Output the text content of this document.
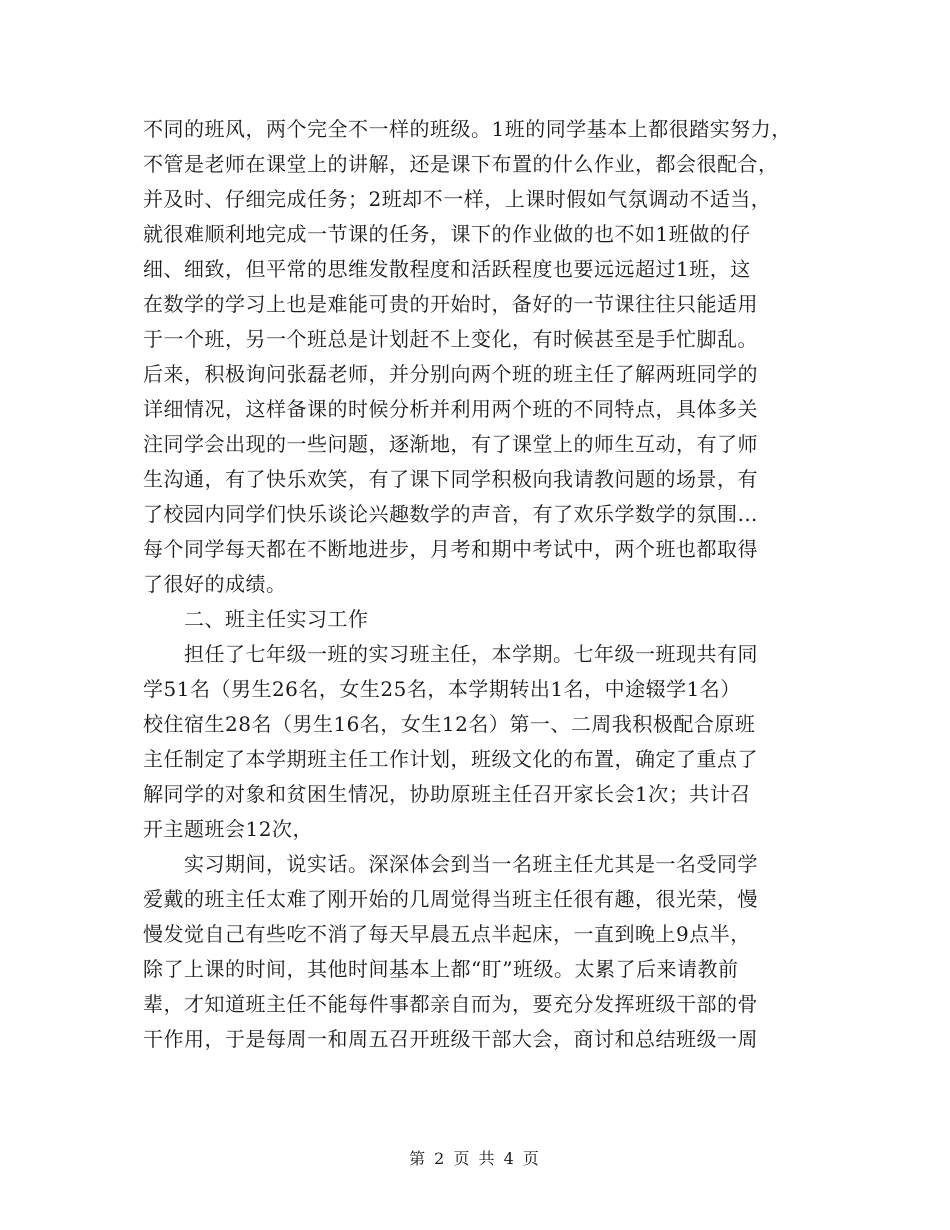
不同的班风，两个完全不一样的班级。1班的同学基本上都很踏实努力，
不管是老师在课堂上的讲解，还是课下布置的什么作业，都会很配合，
并及时、仔细完成任务；2班却不一样，上课时假如气氛调动不适当，
就很难顺利地完成一节课的任务，课下的作业做的也不如1班做的仔
细、细致，但平常的思维发散程度和活跃程度也要远远超过1班，这
在数学的学习上也是难能可贵的开始时，备好的一节课往往只能适用
于一个班，另一个班总是计划赶不上变化，有时候甚至是手忙脚乱。
后来，积极询问张磊老师，并分别向两个班的班主任了解两班同学的
详细情况，这样备课的时候分析并利用两个班的不同特点，具体多关
注同学会出现的一些问题，逐渐地，有了课堂上的师生互动，有了师
生沟通，有了快乐欢笑，有了课下同学积极向我请教问题的场景，有
了校园内同学们快乐谈论兴趣数学的声音，有了欢乐学数学的氛围…
每个同学每天都在不断地进步，月考和期中考试中，两个班也都取得
了很好的成绩。
　　二、班主任实习工作
　　担任了七年级一班的实习班主任，本学期。七年级一班现共有同
学51名（男生26名，女生25名，本学期转出1名，中途辍学1名）
校住宿生28名（男生16名，女生12名）第一、二周我积极配合原班
主任制定了本学期班主任工作计划，班级文化的布置，确定了重点了
解同学的对象和贫困生情况，协助原班主任召开家长会1次；共计召
开主题班会12次，
　　实习期间，说实话。深深体会到当一名班主任尤其是一名受同学
爱戴的班主任太难了刚开始的几周觉得当班主任很有趣，很光荣，慢
慢发觉自己有些吃不消了每天早晨五点半起床，一直到晚上9点半，
除了上课的时间，其他时间基本上都“盯”班级。太累了后来请教前
辈，才知道班主任不能每件事都亲自而为，要充分发挥班级干部的骨
干作用，于是每周一和周五召开班级干部大会，商讨和总结班级一周
第 2 页 共 4 页
